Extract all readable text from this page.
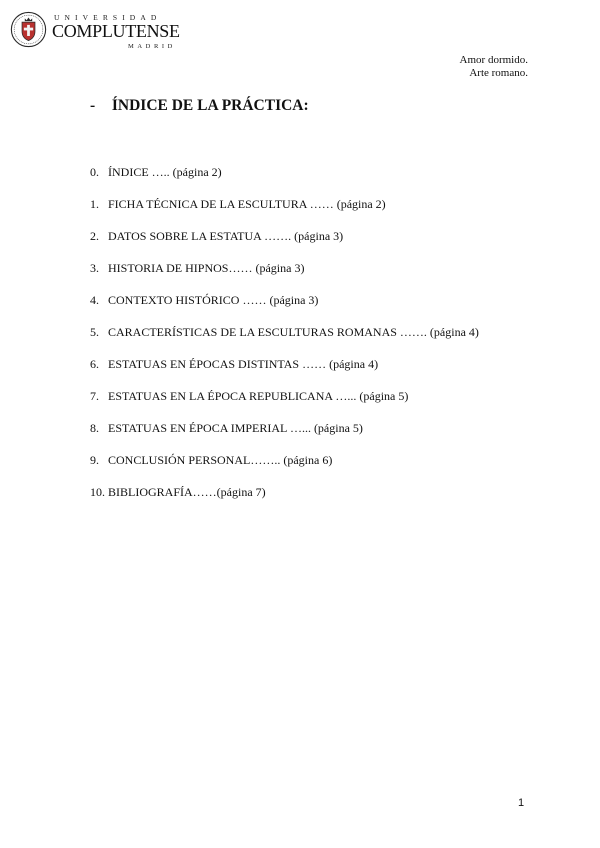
UNIVERSIDAD
COMPLUTENSE
MADRID
Amor dormido.
Arte romano.
- ÍNDICE DE LA PRÁCTICA:
0. ÍNDICE ….. (página 2)
1. FICHA TÉCNICA DE LA ESCULTURA …… (página 2)
2. DATOS SOBRE LA ESTATUA ……. (página 3)
3. HISTORIA DE HIPNOS…… (página 3)
4. CONTEXTO HISTÓRICO …… (página 3)
5. CARACTERÍSTICAS DE LA ESCULTURAS ROMANAS ……. (página 4)
6. ESTATUAS EN ÉPOCAS DISTINTAS …… (página 4)
7. ESTATUAS EN LA ÉPOCA REPUBLICANA …... (página 5)
8. ESTATUAS EN ÉPOCA IMPERIAL …... (página 5)
9. CONCLUSIÓN PERSONAL…….. (página 6)
10. BIBLIOGRAFÍA……(página 7)
1
